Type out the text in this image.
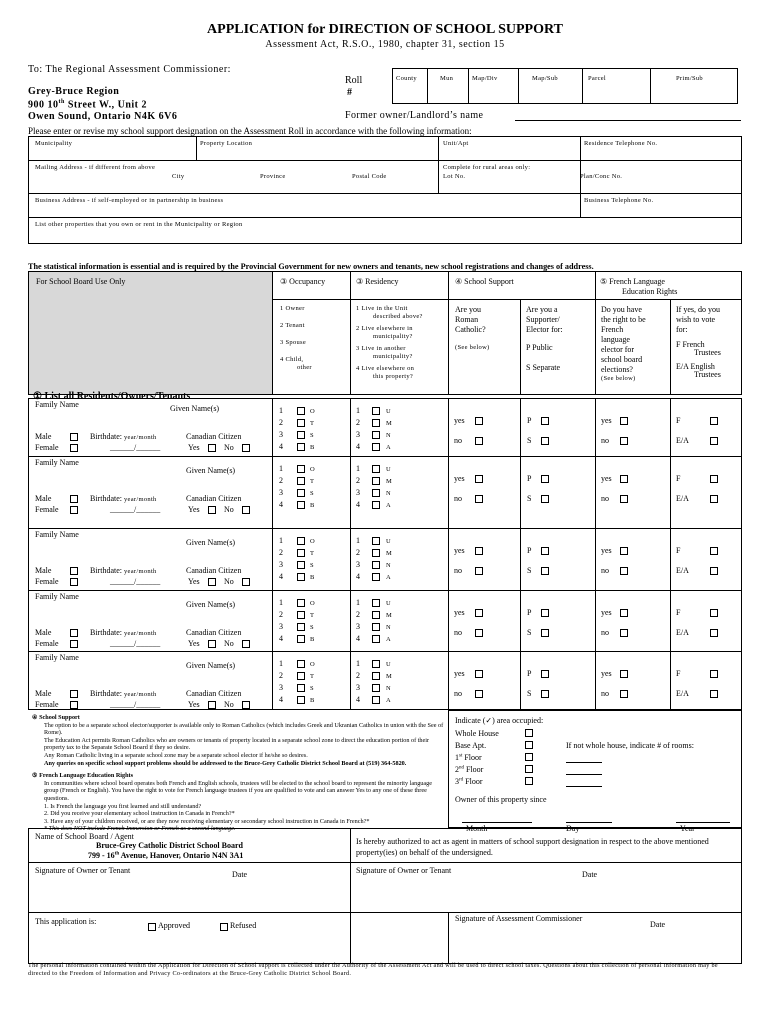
APPLICATION for DIRECTION OF SCHOOL SUPPORT
Assessment Act, R.S.O., 1980, chapter 31, section 15
To: The Regional Assessment Commissioner:
Grey-Bruce Region
900 10th Street W., Unit 2
Owen Sound, Ontario N4K 6V6
Roll
#
County	Mun	Map/Div	Map/Sub	Parcel	Prim/Sub
Former owner/Landlord’s name
Please enter or revise my school support designation on the Assessment Roll in accordance with the following information:
Municipality	Property Location	Unit/Apt	Residence Telephone No.
Mailing Address - if different from above
City	Province	Postal Code
Complete for rural areas only:
Lot No.	Plan/Conc No.
Business Address - if self-employed or in partnership in business	Business Telephone No.
List other properties that you own or rent in the Municipality or Region
The statistical information is essential and is required by the Provincial Government for new owners and tenants, new school registrations and changes of address.
For School Board Use Only	③ Occupancy	③ Residency	④ School Support	⑤ French Language
Education Rights
1 Owner
2 Tenant
3 Spouse
4 Child,
other
1 Live in the Unit
described above?
2 Live elsewhere in
municipality?
3 Live in another
municipality?
4 Live elsewhere on
this property?
Are you
Roman
Catholic?
(See below)
Are you a
Supporter/
Elector for:
P Public
S Separate
Do you have
the right to be
French
language
elector for
school board
elections?
(See below)
If yes, do you
wish to vote
for:
F French
Trustees
E/A English
Trustees
① List all Residents/Owners/Tenants
Family Name	Given Name(s)
Male	Birthdate: year/month	Canadian Citizen
Female	______/______	Yes	No
1	O	1	U
2	T	2	M
3	S	3	N
4	B	4	A
yes
no
P
S
yes
no
F
E/A
Family Name
Given Name(s)
Male	Birthdate: year/month	Canadian Citizen
Female	______/______	Yes	No
1	O	1	U
2	T	2	M
3	S	3	N
4	B	4	A
yes
no
P
S
yes
no
F
E/A
Family Name
Given Name(s)
Male	Birthdate: year/month	Canadian Citizen
Female	______/______	Yes	No
1	O	1	U
2	T	2	M
3	S	3	N
4	B	4	A
yes
no
P
S
yes
no
F
E/A
Family Name
Given Name(s)
Male	Birthdate: year/month	Canadian Citizen
Female	______/______	Yes	No
1	O	1	U
2	T	2	M
3	S	3	N
4	B	4	A
yes
no
P
S
yes
no
F
E/A
Family Name
Given Name(s)
Male	Birthdate: year/month	Canadian Citizen
Female	______/______	Yes	No
1	O	1	U
2	T	2	M
3	S	3	N
4	B	4	A
yes
no
P
S
yes
no
F
E/A
④ School Support
The option to be a separate school elector/supporter is available only to Roman Catholics (which includes Greek and Ukranian Catholics in union with the See of Rome).
The Education Act permits Roman Catholics who are owners or tenants of property located in a separate school zone to direct the education portion of their property tax to the Separate School Board if they so desire.
Any Roman Catholic living in a separate school zone may be a separate school elector if he/she so desires.
Any queries on specific school support problems should be addressed to the Bruce-Grey Catholic District School Board at (519) 364-5820.
⑤ French Language Education Rights
In communities where school board operates both French and English schools, trustees will be elected to the school board to represent the minority language group (French or English). You have the right to vote for French language trustees if you are qualified to vote and can answer Yes to any one of these three questions.
1. Is French the language you first learned and still understand?
2. Did you receive your elementary school instruction in Canada in French?*
3. Have any of your children received, or are they now receiving elementary or secondary school instruction in Canada in French?*
* This does NOT include French Immersion or French as a second language.
Indicate (✓) area occupied:
Whole House
Base Apt.
1st Floor
2nd Floor
3rd Floor
If not whole house, indicate # of rooms:
Owner of this property since
Month	Day	Year
Name of School Board / Agent
Bruce-Grey Catholic District School Board
799 - 16th Avenue, Hanover, Ontario N4N 3A1
Is hereby authorized to act as agent in matters of school support designation in respect to the above mentioned property(ies) on behalf of the undersigned.
Signature of Owner or Tenant	Date	Signature of Owner or Tenant	Date
This application is:	Approved	Refused
Signature of Assessment Commissioner
Date
The personal information contained within the Application for Direction of School support is collected under the Authority of the Assessment Act and will be used to direct school taxes. Questions about this collection of personal information may be directed to the Freedom of Information and Privacy Co-ordinators at the Bruce-Grey Catholic District School Board.
